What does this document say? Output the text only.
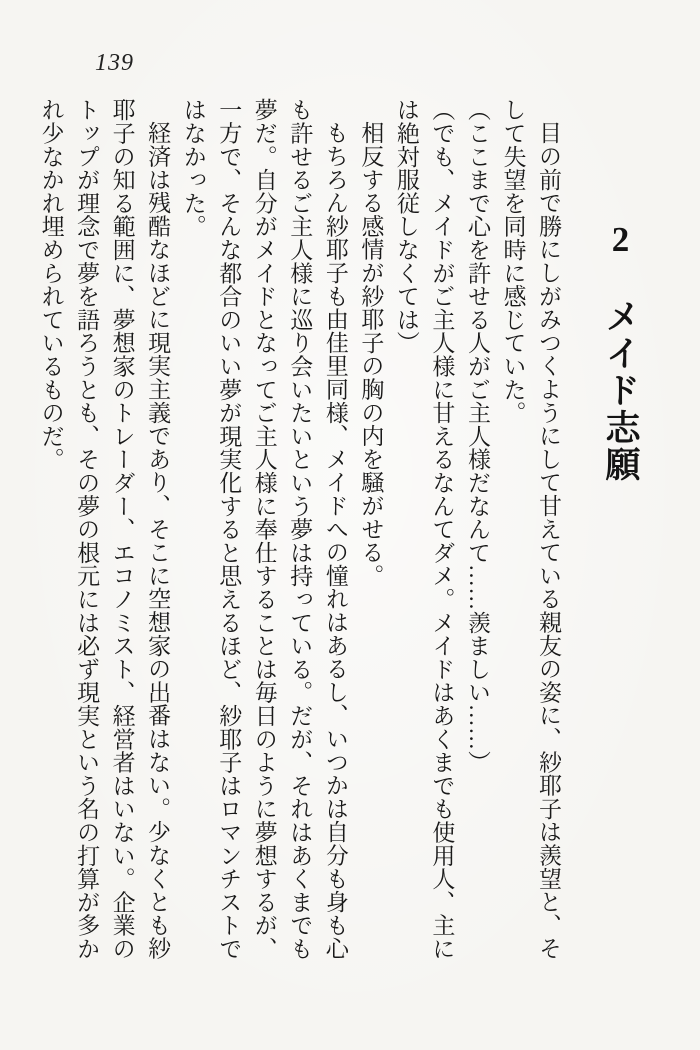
139
2　メイド志願

目の前で勝にしがみつくようにして甘えている親友の姿に、紗耶子は羨望と、そして失望を同時に感じていた。

（ここまで心を許せる人がご主人様だなんて……羨ましい……）

（でも、メイドがご主人様に甘えるなんてダメ。メイドはあくまでも使用人、主には絶対服従しなくては）

相反する感情が紗耶子の胸の内を騒がせる。

もちろん紗耶子も由佳里同様、メイドへの憧れはあるし、いつかは自分も身も心も許せるご主人様に巡り会いたいという夢は持っている。だが、それはあくまでも夢だ。自分がメイドとなってご主人様に奉仕することは毎日のように夢想するが、一方で、そんな都合のいい夢が現実化すると思えるほど、紗耶子はロマンチストではなかった。

経済は残酷なほどに現実主義であり、そこに空想家の出番はない。少なくとも紗耶子の知る範囲に、夢想家のトレーダー、エコノミスト、経営者はいない。企業のトップが理念で夢を語ろうとも、その夢の根元には必ず現実という名の打算が多かれ少なかれ埋められているものだ。
